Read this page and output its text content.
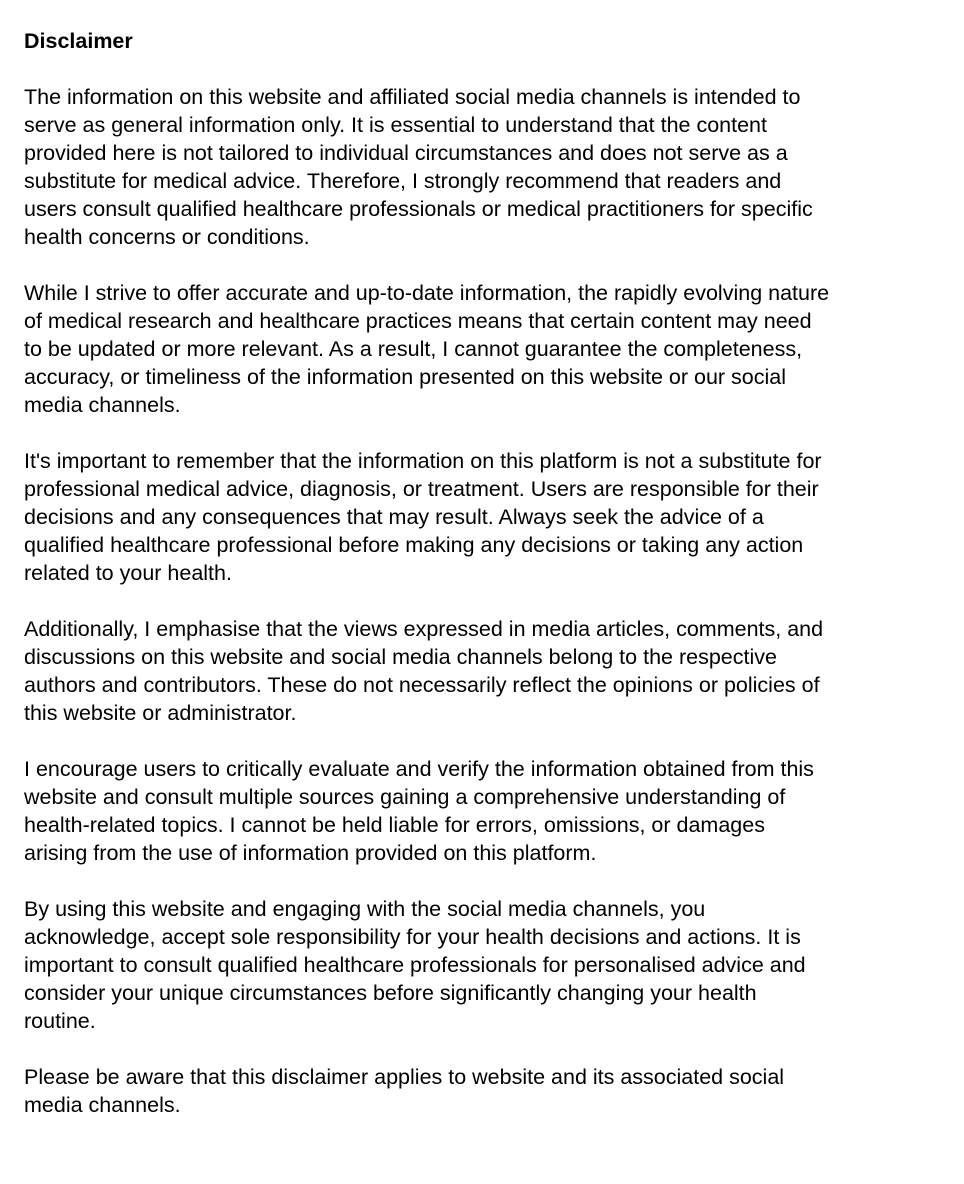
Disclaimer
The information on this website and affiliated social media channels is intended to
serve as general information only. It is essential to understand that the content
provided here is not tailored to individual circumstances and does not serve as a
substitute for medical advice. Therefore, I strongly recommend that readers and
users consult qualified healthcare professionals or medical practitioners for specific
health concerns or conditions.
While I strive to offer accurate and up-to-date information, the rapidly evolving nature
of medical research and healthcare practices means that certain content may need
to be updated or more relevant. As a result, I cannot guarantee the completeness,
accuracy, or timeliness of the information presented on this website or our social
media channels.
It's important to remember that the information on this platform is not a substitute for
professional medical advice, diagnosis, or treatment. Users are responsible for their
decisions and any consequences that may result. Always seek the advice of a
qualified healthcare professional before making any decisions or taking any action
related to your health.
Additionally, I emphasise that the views expressed in media articles, comments, and
discussions on this website and social media channels belong to the respective
authors and contributors. These do not necessarily reflect the opinions or policies of
this website or administrator.
I encourage users to critically evaluate and verify the information obtained from this
website and consult multiple sources gaining a comprehensive understanding of
health-related topics. I cannot be held liable for errors, omissions, or damages
arising from the use of information provided on this platform.
By using this website and engaging with the social media channels, you
acknowledge, accept sole responsibility for your health decisions and actions. It is
important to consult qualified healthcare professionals for personalised advice and
consider your unique circumstances before significantly changing your health
routine.
Please be aware that this disclaimer applies to website and its associated social
media channels.
